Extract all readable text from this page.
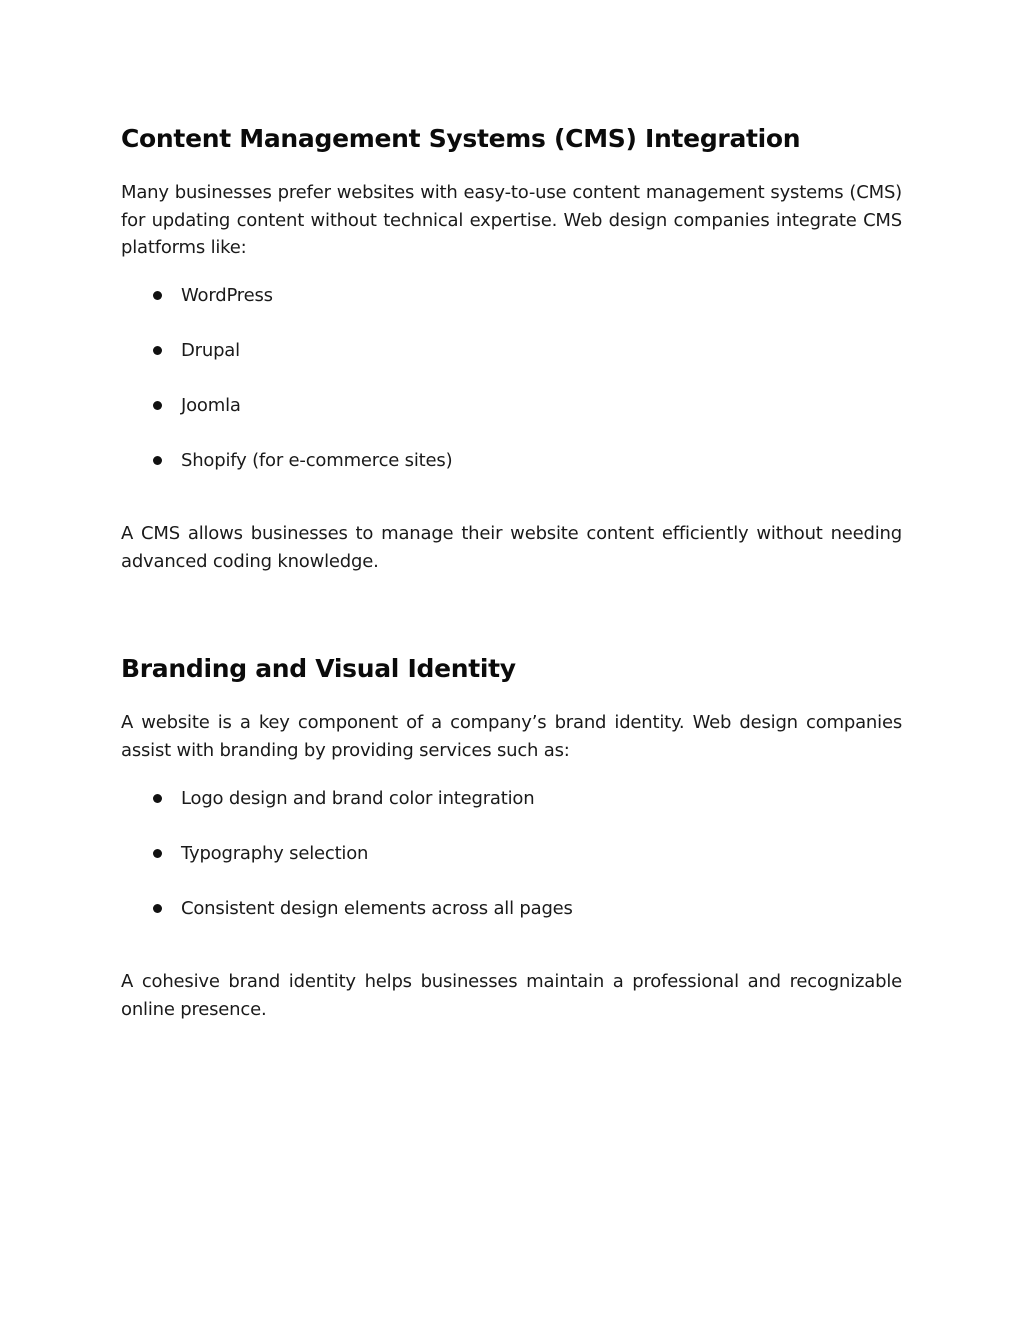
Content Management Systems (CMS) Integration

Many businesses prefer websites with easy-to-use content management systems (CMS) for updating content without technical expertise. Web design companies integrate CMS platforms like:

WordPress
Drupal
Joomla
Shopify (for e-commerce sites)

A CMS allows businesses to manage their website content efficiently without needing advanced coding knowledge.

Branding and Visual Identity

A website is a key component of a company’s brand identity. Web design companies assist with branding by providing services such as:

Logo design and brand color integration
Typography selection
Consistent design elements across all pages

A cohesive brand identity helps businesses maintain a professional and recognizable online presence.
